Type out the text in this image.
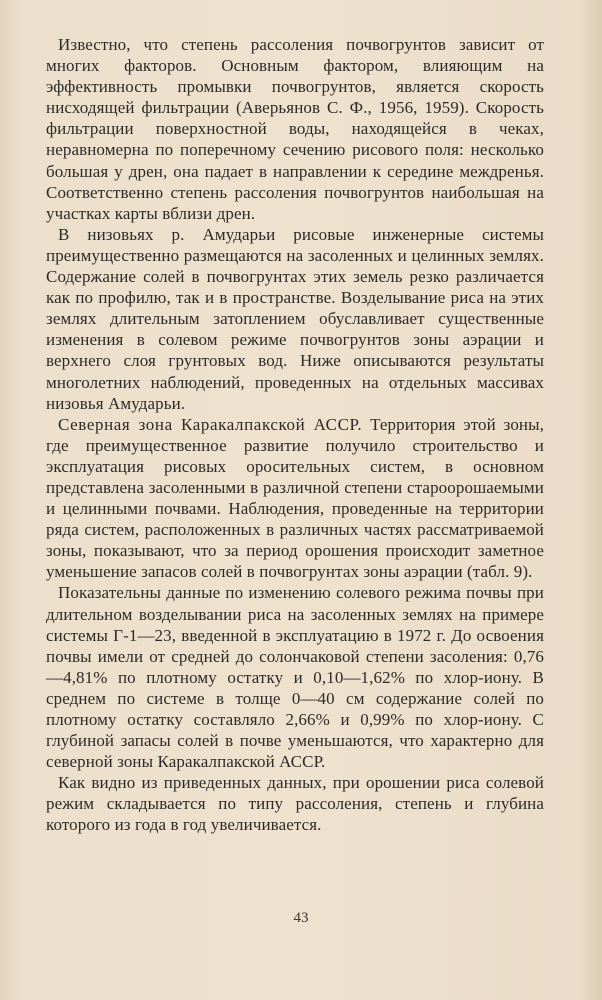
Известно, что степень рассоления почвогрунтов зависит от многих факторов. Основным фактором, влияющим на эффективность промывки почвогрунтов, является скорость нисходящей фильтрации (Аверьянов С. Ф., 1956, 1959). Скорость фильтрации поверхностной воды, находящейся в чеках, неравномерна по поперечному сечению рисового поля: несколько большая у дрен, она падает в направлении к середине междренья. Соответственно степень рассоления почвогрунтов наибольшая на участках карты вблизи дрен.

В низовьях р. Амударьи рисовые инженерные системы преимущественно размещаются на засоленных и целинных землях. Содержание солей в почвогрунтах этих земель резко различается как по профилю, так и в пространстве. Возделывание риса на этих землях длительным затоплением обуславливает существенные изменения в солевом режиме почвогрунтов зоны аэрации и верхнего слоя грунтовых вод. Ниже описываются результаты многолетних наблюдений, проведенных на отдельных массивах низовья Амударьи.

Северная зона Каракалпакской АССР. Территория этой зоны, где преимущественное развитие получило строительство и эксплуатация рисовых оросительных систем, в основном представлена засоленными в различной степени староорошаемыми и целинными почвами. Наблюдения, проведенные на территории ряда систем, расположенных в различных частях рассматриваемой зоны, показывают, что за период орошения происходит заметное уменьшение запасов солей в почвогрунтах зоны аэрации (табл. 9).

Показательны данные по изменению солевого режима почвы при длительном возделывании риса на засоленных землях на примере системы Г-1—23, введенной в эксплуатацию в 1972 г. До освоения почвы имели от средней до солончаковой степени засоления: 0,76—4,81% по плотному остатку и 0,10—1,62% по хлор-иону. В среднем по системе в толще 0—40 см содержание солей по плотному остатку составляло 2,66% и 0,99% по хлор-иону. С глубиной запасы солей в почве уменьшаются, что характерно для северной зоны Каракалпакской АССР.

Как видно из приведенных данных, при орошении риса солевой режим складывается по типу рассоления, степень и глубина которого из года в год увеличивается.

43
